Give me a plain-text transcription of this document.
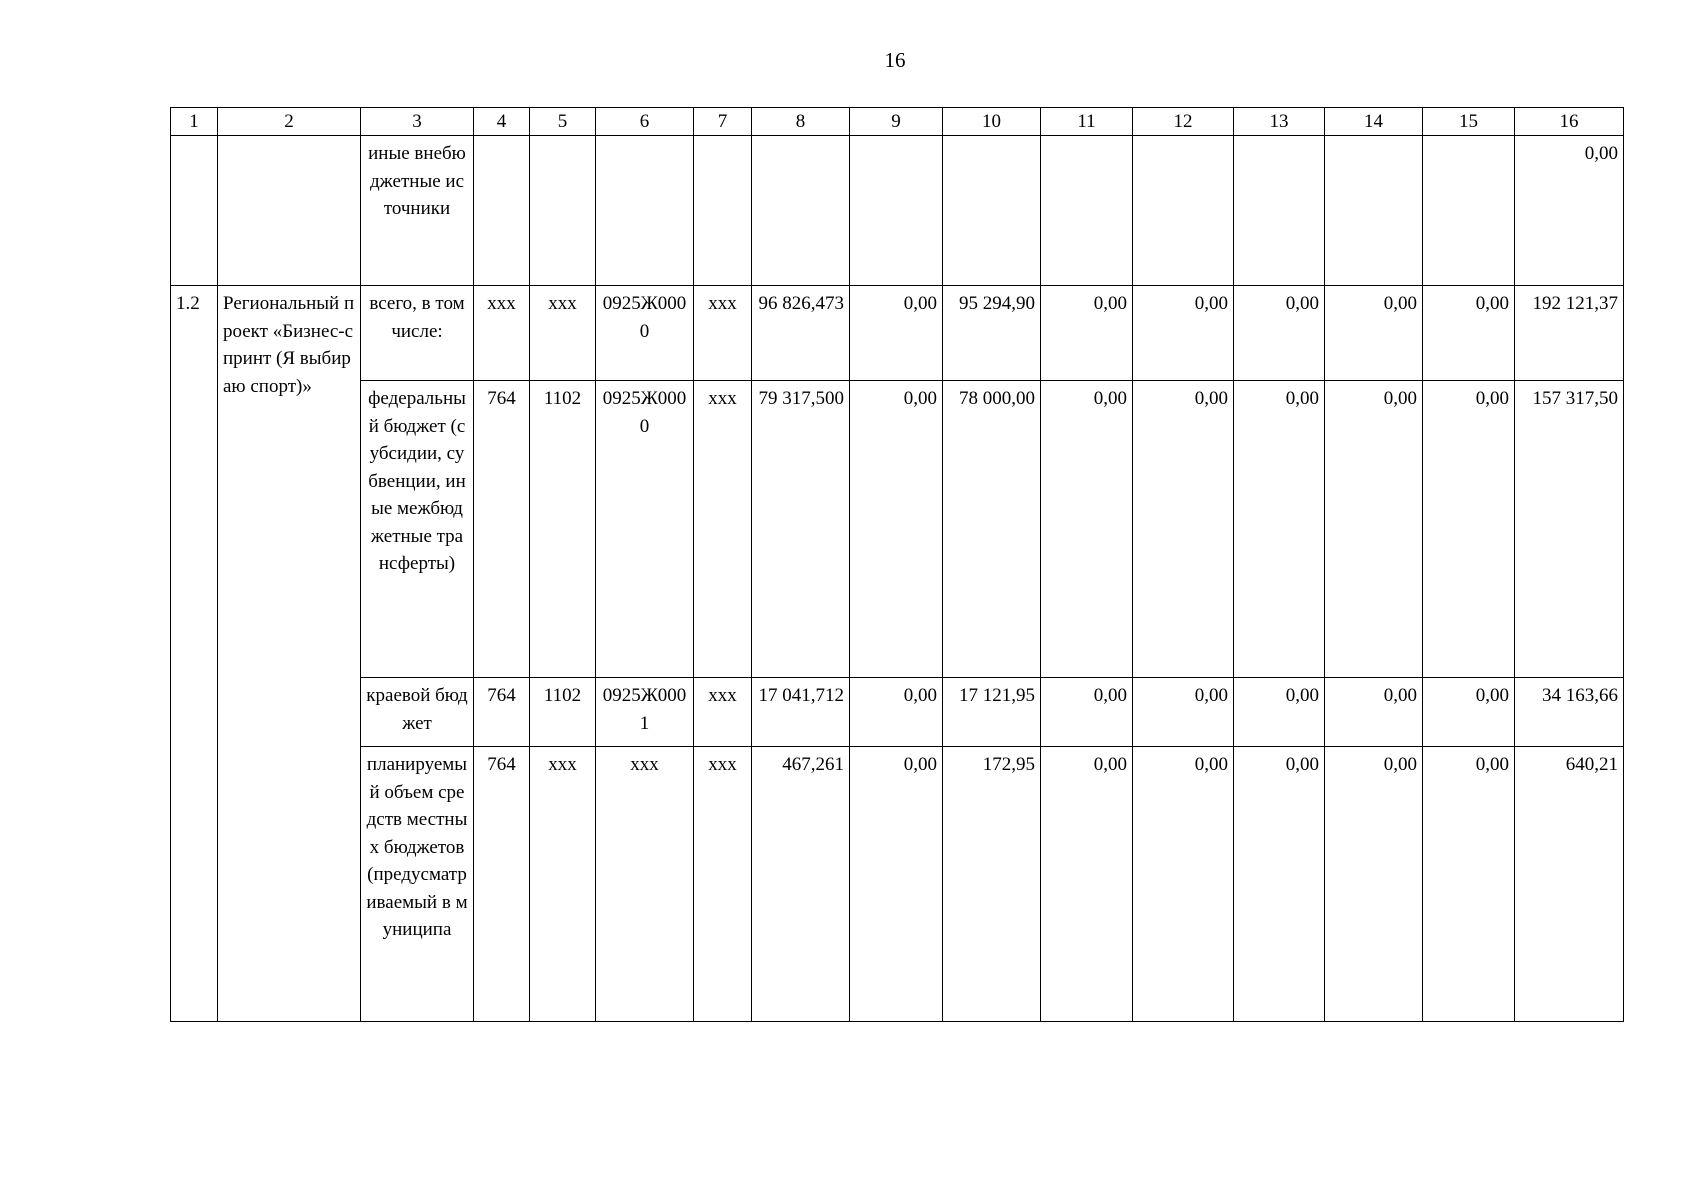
16
1	2	3	4	5	6	7	8	9	10	11	12	13	14	15	16
		иные внебюджетные источники													0,00
1.2	Региональный проект «Бизнес-спринт (Я выбираю спорт)»	всего, в том числе:	ххх	ххх	0925Ж0000	ххх	96 826,473	0,00	95 294,90	0,00	0,00	0,00	0,00	0,00	192 121,37
		федеральный бюджет (субсидии, субвенции, иные межбюджетные трансферты)	764	1102	0925Ж0000	ххх	79 317,500	0,00	78 000,00	0,00	0,00	0,00	0,00	0,00	157 317,50
		краевой бюджет	764	1102	0925Ж0001	ххх	17 041,712	0,00	17 121,95	0,00	0,00	0,00	0,00	0,00	34 163,66
		планируемый объем средств местных бюджетов (предусматриваемый в муниципа	764	ххх	ххх	ххх	467,261	0,00	172,95	0,00	0,00	0,00	0,00	0,00	640,21
